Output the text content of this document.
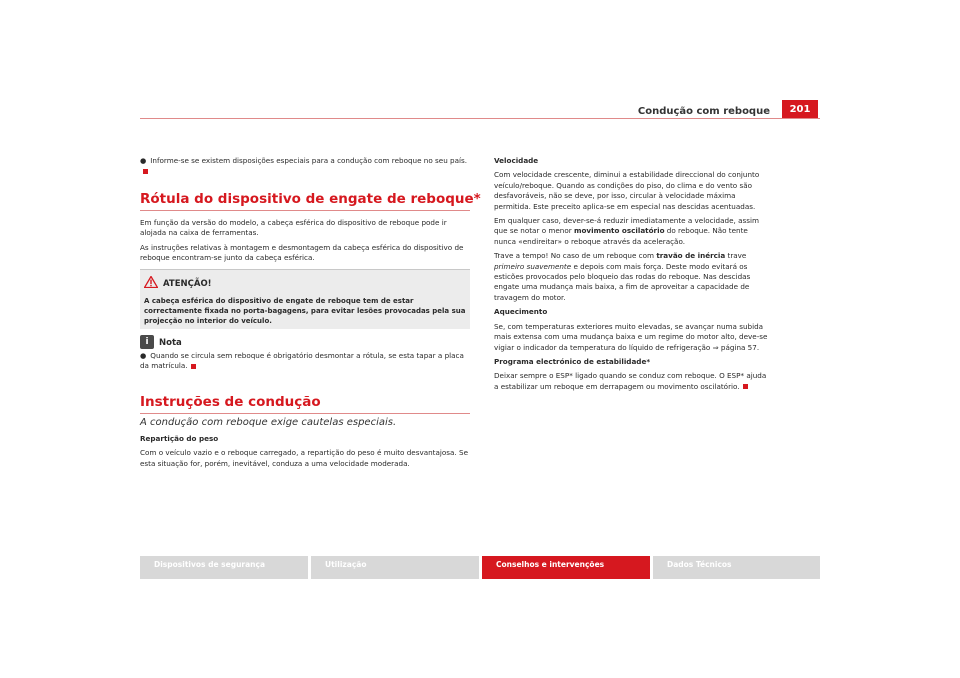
Condução com reboque	201

● Informe-se se existem disposições especiais para a condução com reboque no seu país.

Rótula do dispositivo de engate de reboque*

Em função da versão do modelo, a cabeça esférica do dispositivo de reboque pode ir alojada na caixa de ferramentas.

As instruções relativas à montagem e desmontagem da cabeça esférica do dispositivo de reboque encontram-se junto da cabeça esférica.

ATENÇÃO!
A cabeça esférica do dispositivo de engate de reboque tem de estar correctamente fixada no porta-bagagens, para evitar lesões provocadas pela sua projecção no interior do veículo.
i	Nota

● Quando se circula sem reboque é obrigatório desmontar a rótula, se esta tapar a placa da matrícula.

Instruções de condução
A condução com reboque exige cautelas especiais.

Repartição do peso

Com o veículo vazio e o reboque carregado, a repartição do peso é muito desvantajosa. Se esta situação for, porém, inevitável, conduza a uma velocidade moderada.

Velocidade

Com velocidade crescente, diminui a estabilidade direccional do conjunto veículo/reboque. Quando as condições do piso, do clima e do vento são desfavoráveis, não se deve, por isso, circular à velocidade máxima permitida. Este preceito aplica-se em especial nas descidas acentuadas.

Em qualquer caso, dever-se-á reduzir imediatamente a velocidade, assim que se notar o menor movimento oscilatório do reboque. Não tente nunca «endireitar» o reboque através da aceleração.

Trave a tempo! No caso de um reboque com travão de inércia trave primeiro suavemente e depois com mais força. Deste modo evitará os esticões provocados pelo bloqueio das rodas do reboque. Nas descidas engate uma mudança mais baixa, a fim de aproveitar a capacidade de travagem do motor.

Aquecimento

Se, com temperaturas exteriores muito elevadas, se avançar numa subida mais extensa com uma mudança baixa e um regime do motor alto, deve-se vigiar o indicador da temperatura do líquido de refrigeração ⇒ página 57.

Programa electrónico de estabilidade*

Deixar sempre o ESP* ligado quando se conduz com reboque. O ESP* ajuda a estabilizar um reboque em derrapagem ou movimento oscilatório.

Dispositivos de segurança	Utilização	Conselhos e intervenções	Dados Técnicos
